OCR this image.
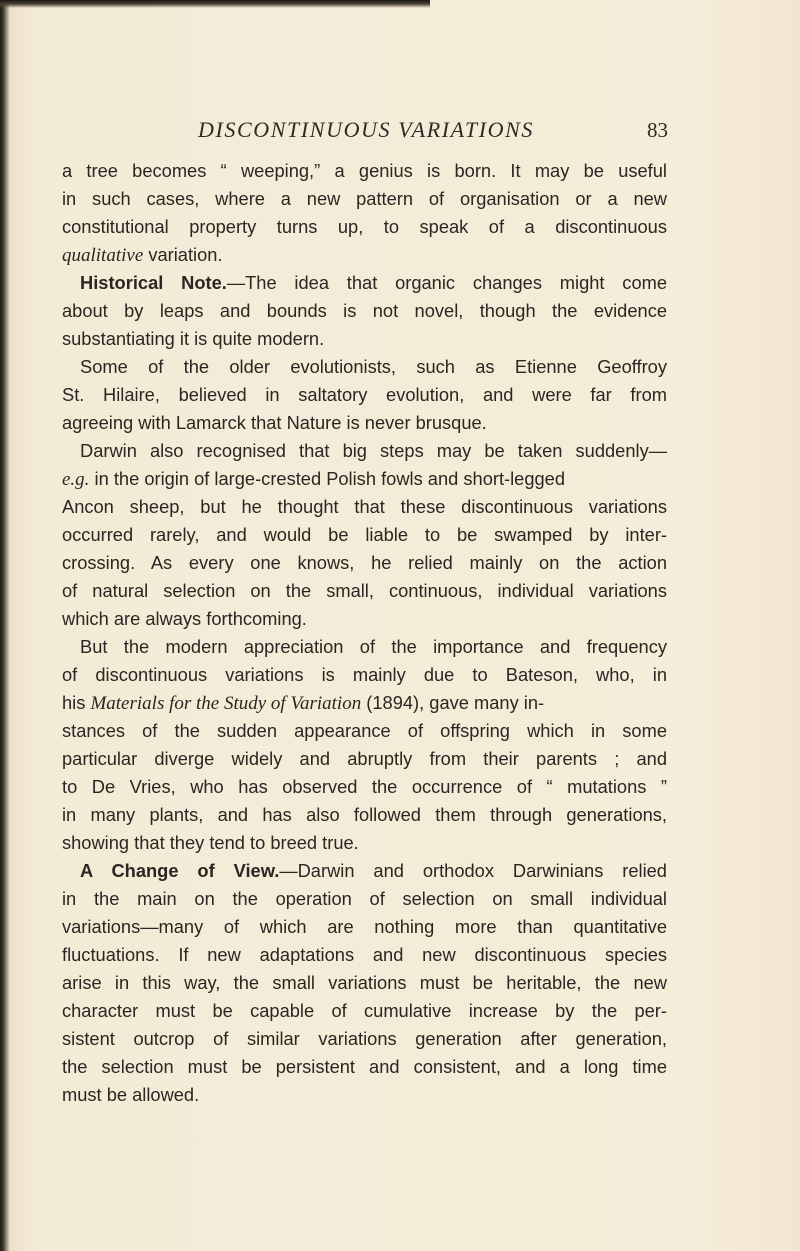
DISCONTINUOUS VARIATIONS	83
a tree becomes “ weeping,” a genius is born. It may be useful
in such cases, where a new pattern of organisation or a new
constitutional property turns up, to speak of a discontinuous
qualitative variation.
Historical Note.—The idea that organic changes might come
about by leaps and bounds is not novel, though the evidence
substantiating it is quite modern.
Some of the older evolutionists, such as Etienne Geoffroy
St. Hilaire, believed in saltatory evolution, and were far from
agreeing with Lamarck that Nature is never brusque.
Darwin also recognised that big steps may be taken suddenly—
e.g. in the origin of large-crested Polish fowls and short-legged
Ancon sheep, but he thought that these discontinuous variations
occurred rarely, and would be liable to be swamped by inter-
crossing. As every one knows, he relied mainly on the action
of natural selection on the small, continuous, individual variations
which are always forthcoming.
But the modern appreciation of the importance and frequency
of discontinuous variations is mainly due to Bateson, who, in
his Materials for the Study of Variation (1894), gave many in-
stances of the sudden appearance of offspring which in some
particular diverge widely and abruptly from their parents ; and
to De Vries, who has observed the occurrence of “ mutations ”
in many plants, and has also followed them through generations,
showing that they tend to breed true.
A Change of View.—Darwin and orthodox Darwinians relied
in the main on the operation of selection on small individual
variations—many of which are nothing more than quantitative
fluctuations. If new adaptations and new discontinuous species
arise in this way, the small variations must be heritable, the new
character must be capable of cumulative increase by the per-
sistent outcrop of similar variations generation after generation,
the selection must be persistent and consistent, and a long time
must be allowed.
